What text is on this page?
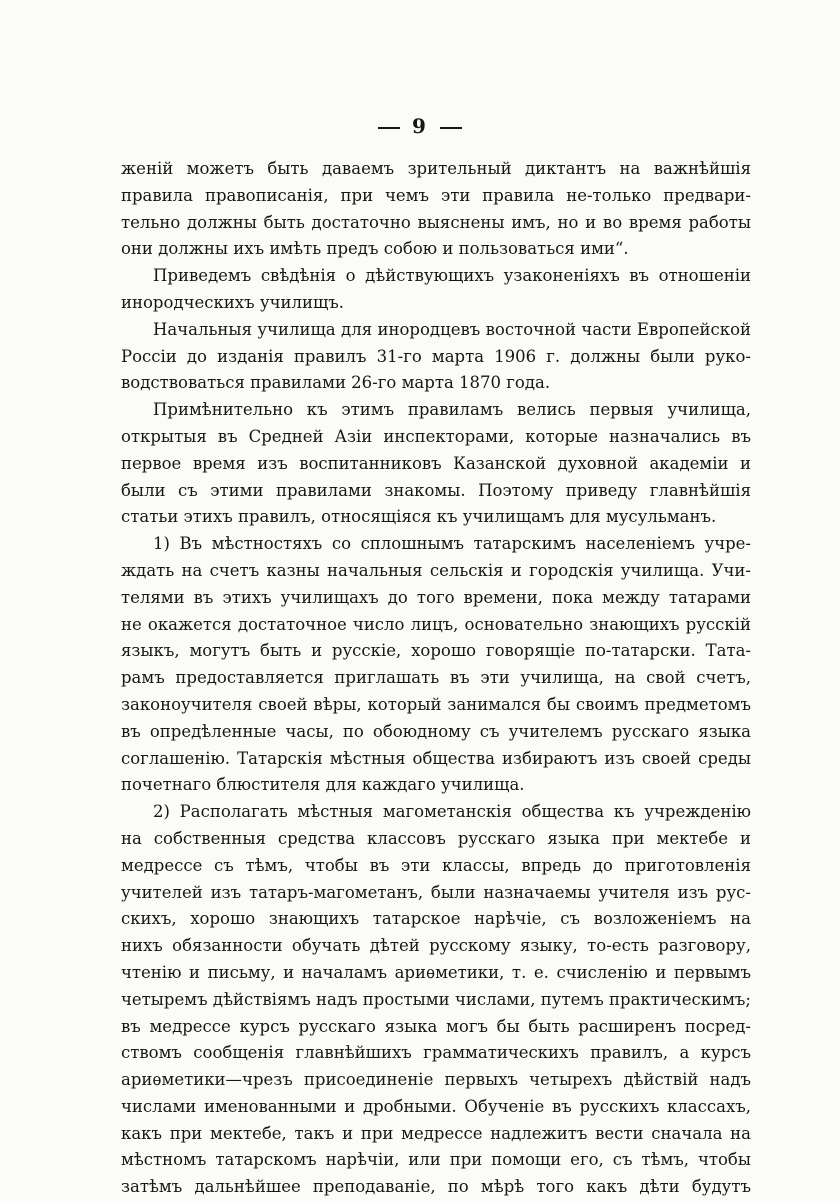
9
женій можетъ быть даваемъ зрительный диктантъ на важнѣйшія
правила правописанія, при чемъ эти правила не-только предвари-
тельно должны быть достаточно выяснены имъ, но и во время работы
они должны ихъ имѣть предъ собою и пользоваться ими“.
Приведемъ свѣдѣнія о дѣйствующихъ узаконеніяхъ въ отношеніи
инородческихъ училищъ.
Начальныя училища для инородцевъ восточной части Европейской
Россіи до изданія правилъ 31-го марта 1906 г. должны были руко-
водствоваться правилами 26-го марта 1870 года.
Примѣнительно къ этимъ правиламъ велись первыя училища,
открытыя въ Средней Азіи инспекторами, которые назначались въ
первое время изъ воспитанниковъ Казанской духовной академіи и
были съ этими правилами знакомы. Поэтому приведу главнѣйшія
статьи этихъ правилъ, относящіяся къ училищамъ для мусульманъ.
1) Въ мѣстностяхъ со сплошнымъ татарскимъ населеніемъ учре-
ждать на счетъ казны начальныя сельскія и городскія училища. Учи-
телями въ этихъ училищахъ до того времени, пока между татарами
не окажется достаточное число лицъ, основательно знающихъ русскій
языкъ, могутъ быть и русскіе, хорошо говорящіе по-татарски. Тата-
рамъ предоставляется приглашать въ эти училища, на свой счетъ,
законоучителя своей вѣры, который занимался бы своимъ предметомъ
въ опредѣленные часы, по обоюдному съ учителемъ русскаго языка
соглашенію. Татарскія мѣстныя общества избираютъ изъ своей среды
почетнаго блюстителя для каждаго училища.
2) Располагать мѣстныя магометанскія общества къ учрежденію
на собственныя средства классовъ русскаго языка при мектебе и
медрессе съ тѣмъ, чтобы въ эти классы, впредь до приготовленія
учителей изъ татаръ-магометанъ, были назначаемы учителя изъ рус-
скихъ, хорошо знающихъ татарское нарѣчіе, съ возложеніемъ на
нихъ обязанности обучать дѣтей русскому языку, то-есть разговору,
чтенію и письму, и началамъ ариѳметики, т. е. счисленію и первымъ
четыремъ дѣйствіямъ надъ простыми числами, путемъ практическимъ;
въ медрессе курсъ русскаго языка могъ бы быть расширенъ посред-
ствомъ сообщенія главнѣйшихъ грамматическихъ правилъ, а курсъ
ариѳметики—чрезъ присоединеніе первыхъ четырехъ дѣйствій надъ
числами именованными и дробными. Обученіе въ русскихъ классахъ,
какъ при мектебе, такъ и при медрессе надлежитъ вести сначала на
мѣстномъ татарскомъ нарѣчіи, или при помощи его, съ тѣмъ, чтобы
затѣмъ дальнѣйшее преподаваніе, по мѣрѣ того какъ дѣти будутъ
